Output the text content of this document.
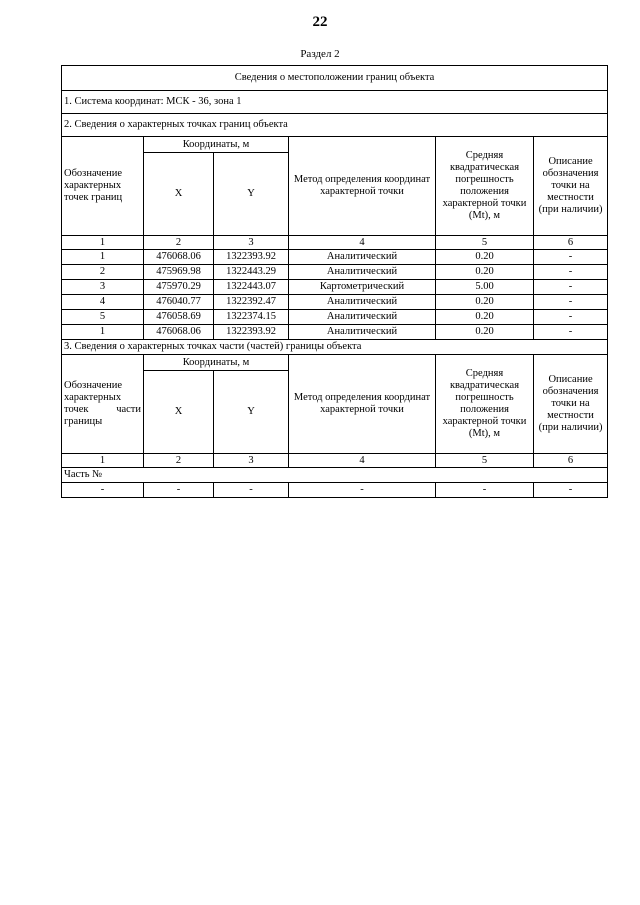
22
Раздел 2
Сведения о местоположении границ объекта					
1. Система координат: МСК - 36, зона 1					
2. Сведения о характерных точках границ объекта					
Обозначение характерных точек границ	Координаты, м		Метод определения координат характерной точки	Средняя квадратическая погрешность положения характерной точки (Mt), м	Описание обозначения точки на местности (при наличии)
	X	Y			
1	2	3	4	5	6
1	476068.06	1322393.92	Аналитический	0.20	-
2	475969.98	1322443.29	Аналитический	0.20	-
3	475970.29	1322443.07	Картометрический	5.00	-
4	476040.77	1322392.47	Аналитический	0.20	-
5	476058.69	1322374.15	Аналитический	0.20	-
1	476068.06	1322393.92	Аналитический	0.20	-
3. Сведения о характерных точках части (частей) границы объекта					
Обозначение характерных точек части границы	Координаты, м		Метод определения координат характерной точки	Средняя квадратическая погрешность положения характерной точки (Mt), м	Описание обозначения точки на местности (при наличии)
	X	Y			
1	2	3	4	5	6
Часть №					
-	-	-	-	-	-
